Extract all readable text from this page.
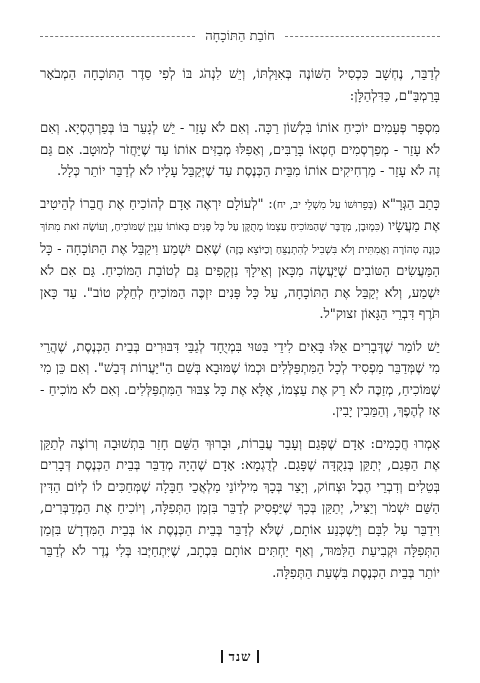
חוֹבַת הַתּוֹכָחָה

לְדַבֵּר, נֶחְשָׁב כִּכְסִיל הַשּׁוֹנֶה בְּאִוַּלְתּוֹ, וְיֵשׁ לִנְהֹג בּוֹ לְפִי סֵדֶר הַתּוֹכָחָה הַמְבֹאָר בָּרַמְבַּ"ם, כַּדִּלְהַלָּן:

מִסְפָּר פְּעָמִים יוֹכִיחַ אוֹתוֹ בִּלְשׁוֹן רַכָּה. וְאִם לֹא עָזַר - יֵשׁ לְגָעֵר בּוֹ בְּפַרְהֶסְיָא. וְאִם לֹא עָזַר - מְפַרְסְמִים חֶטְאוֹ בָּרַבִּים, וְאַפִלּוּ מְבַזִּים אוֹתוֹ עַד שֶׁיַּחֲזֹר לְמוּטָב. אִם גַּם זֶה לֹא עָזַר - מַרְחִיקִים אוֹתוֹ מִבֵּית הַכְּנֶסֶת עַד שֶׁיְּקַבֵּל עָלָיו לֹא לְדַבֵּר יוֹתֵר כְּלָל.

כָּתַב הַגְּרָ"א (בְּפֵרוּשׁוֹ עַל מִשְׁלֵי יב, יח): "לְעוֹלָם יִרְאֶה אָדָם לְהוֹכִיחַ אֶת חֲבֵרוֹ לְהֵיטִיב אֶת מַעֲשָׂיו (כִּמְוּבָן, מְדֻבָּר שֶׁהַמּוֹכִיחַ עַצְמוֹ מְתֻקָּן עַל כָּל פָּנִים בְּאוֹתוֹ עִנְיָן שֶׁמּוֹכִיחַ, וְעוֹשֶׂה זֹאת מִתּוֹךְ כַּוָּנָה טְהוֹרָה וַאֲמִתִּית וְלֹא בִּשְׁבִיל לְהִתְנַצֵּחַ וְכַיּוֹצֵא בָּזֶה) שֶׁאִם יִשְׁמַע וִיקַבֵּל אֶת הַתּוֹכָחָה - כָּל הַמַּעֲשִׂים הַטּוֹבִים שֶׁיַּעֲשֶׂה מִכָּאן וְאֵילָךְ נִזְקָפִים גַּם לְטוֹבַת הַמּוֹכִיחַ. גַּם אִם לֹא יִשְׁמַע, וְלֹא יְקַבֵּל אֶת הַתּוֹכָחָה, עַל כָּל פָּנִים יִזְכֶּה הַמּוֹכִיחַ לְחֵלֶק טוֹב". עַד כָּאן תֹּרֶף דִּבְרֵי הַגָּאוֹן זצוק"ל.

יֵשׁ לוֹמַר שֶׁדְּבָרִים אֵלּוּ בָּאִים לִידֵי בִּטּוּי בִּמְיֻחָד לְגַבֵּי דִּבּוּרִים בְּבֵית הַכְּנֶסֶת, שֶׁהֲרֵי מִי שֶׁמְּדַבֵּר מַפְסִיד לְכָל הַמִּתְפַּלְּלִים וּכְמוֹ שֶׁמּוּבָא בְּשֵׁם הַ"יַּעֲרוֹת דְּבַשׁ". וְאִם כֵּן מִי שֶׁמּוֹכִיחַ, מְזַכֶּה לֹא רַק אֶת עַצְמוֹ, אֶלָּא אֶת כָּל צִבּוּר הַמִּתְפַּלְּלִים. וְאִם לֹא מוֹכִיחַ - אָז לְהֶפֶךְ, וְהַמֵּבִין יָבִין.

אָמְרוּ חֲכָמִים: אָדָם שֶׁפְּגַם וְעָבַר עֲבֵרוֹת, וּבָרוּךְ הַשֵּׁם חָזַר בִּתְשׁוּבָה וְרוֹצֶה לְתַקֵּן אֶת הַפְּגַם, יְתַקֵּן בְּנִקֻדָּה שֶׁפָּגַם. לְדֻגְמָא: אָדָם שֶׁהָיָה מְדַבֵּר בְּבֵית הַכְּנֶסֶת דְּבָרִים בְּטֵלִים וְדִבְרֵי הֶבֶל וּצְחוֹק, וְיָצַר בְּכָךְ מִילְיוֹנֵי מַלְאֲכֵי חַבָּלָה שֶׁמְּחַכִּים לוֹ לְיוֹם הַדִּין הַשֵּׁם יִשְׁמֹר וְיַצִּיל, יְתַקֵּן בְּכָךְ שֶׁיַּפְסִיק לְדַבֵּר בִּזְמַן הַתְּפִלָּה, וְיוֹכִיחַ אֶת הַמְדַבְּרִים, וִידַבֵּר עַל לִבָּם וְיַשְׁכְּנַע אוֹתָם, שֶׁלֹּא לְדַבֵּר בְּבֵית הַכְּנֶסֶת אוֹ בְּבֵית הַמִּדְרָשׁ בִּזְמַן הַתְּפִלָּה וּקְבִיעַת הַלִּמּוּד, וְאַף יַחְתִּים אוֹתָם בִּכְתָב, שֶׁיִּתְחַיְּבוּ בְּלִי נֶדֶר לֹא לְדַבֵּר יוֹתֵר בְּבֵית הַכְּנֶסֶת בִּשְׁעַת הַתְּפִלָּה.

שנד
